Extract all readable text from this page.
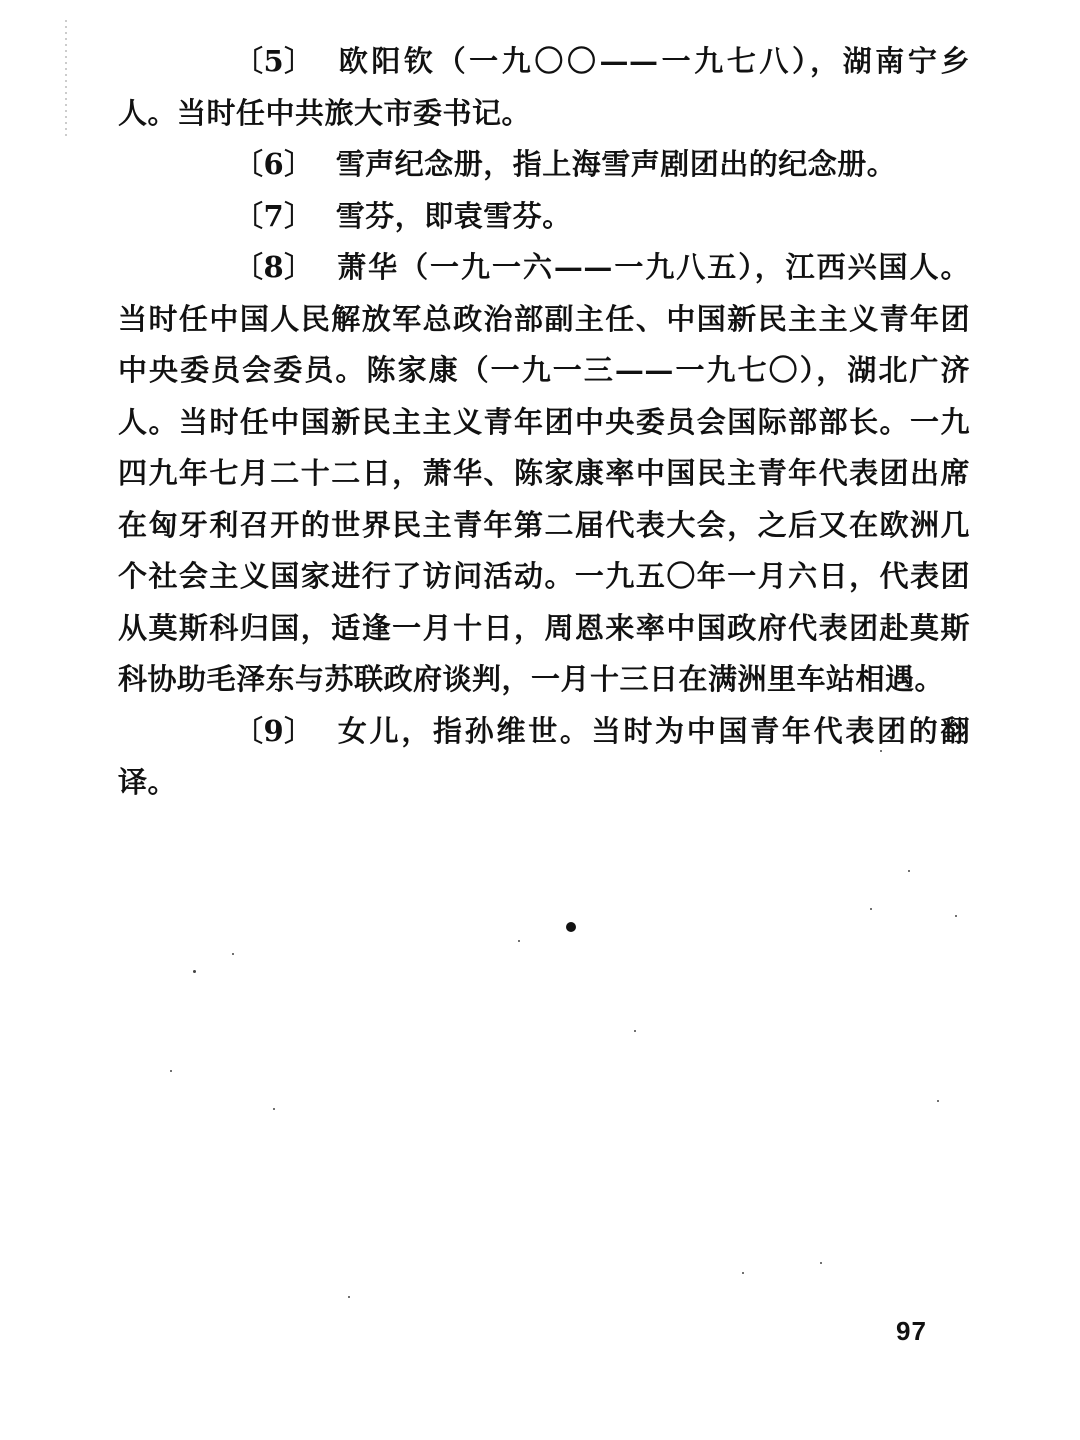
〔5〕 欧阳钦（一九〇〇——一九七八），湖南宁乡人。当时任中共旅大市委书记。

〔6〕 雪声纪念册，指上海雪声剧团出的纪念册。

〔7〕 雪芬，即袁雪芬。

〔8〕 萧华（一九一六——一九八五），江西兴国人。当时任中国人民解放军总政治部副主任、中国新民主主义青年团中央委员会委员。陈家康（一九一三——一九七〇），湖北广济人。当时任中国新民主主义青年团中央委员会国际部部长。一九四九年七月二十二日，萧华、陈家康率中国民主青年代表团出席在匈牙利召开的世界民主青年第二届代表大会，之后又在欧洲几个社会主义国家进行了访问活动。一九五〇年一月六日，代表团从莫斯科归国，适逢一月十日，周恩来率中国政府代表团赴莫斯科协助毛泽东与苏联政府谈判，一月十三日在满洲里车站相遇。

〔9〕 女儿，指孙维世。当时为中国青年代表团的翻译。

97
